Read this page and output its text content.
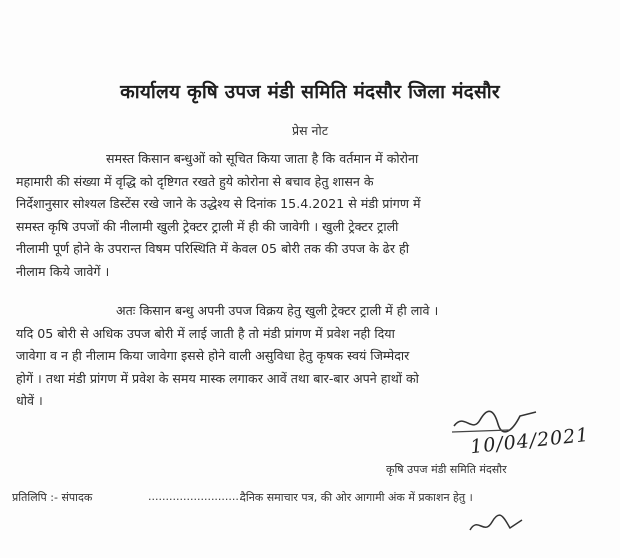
कार्यालय कृषि उपज मंडी समिति मंदसौर जिला मंदसौर
प्रेस नोट
समस्त किसान बन्धुओं को सूचित किया जाता है कि वर्तमान में कोरोना
महामारी की संख्या में वृद्धि को दृष्टिगत रखते हुये कोरोना से बचाव हेतु शासन के
निर्देशानुसार सोश्यल डिस्टेंस रखे जाने के उद्धेश्य से दिनांक 15.4.2021 से मंडी प्रांगण में
समस्त कृषि उपजों की नीलामी खुली ट्रेक्टर ट्राली में ही की जावेगी । खुली ट्रेक्टर ट्राली
नीलामी पूर्ण होने के उपरान्त विषम परिस्थिति में केवल 05 बोरी तक की उपज के ढेर ही
नीलाम किये जावेगें ।
अतः किसान बन्धु अपनी उपज विक्रय हेतु खुली ट्रेक्टर ट्राली में ही लावे ।
यदि 05 बोरी से अधिक उपज बोरी में लाई जाती है तो मंडी प्रांगण में प्रवेश नही दिया
जावेगा व न ही नीलाम किया जावेगा इससे होने वाली असुविधा हेतु कृषक स्वयं जिम्मेदार
होगें । तथा मंडी प्रांगण में प्रवेश के समय मास्क लगाकर आवें तथा बार-बार अपने हाथों को
धोवें ।
10/04/2021
कृषि उपज मंडी समिति मंदसौर
प्रतिलिपि :- संपादक	...........................
दैनिक समाचार पत्र, की ओर आगामी अंक में प्रकाशन हेतु ।
